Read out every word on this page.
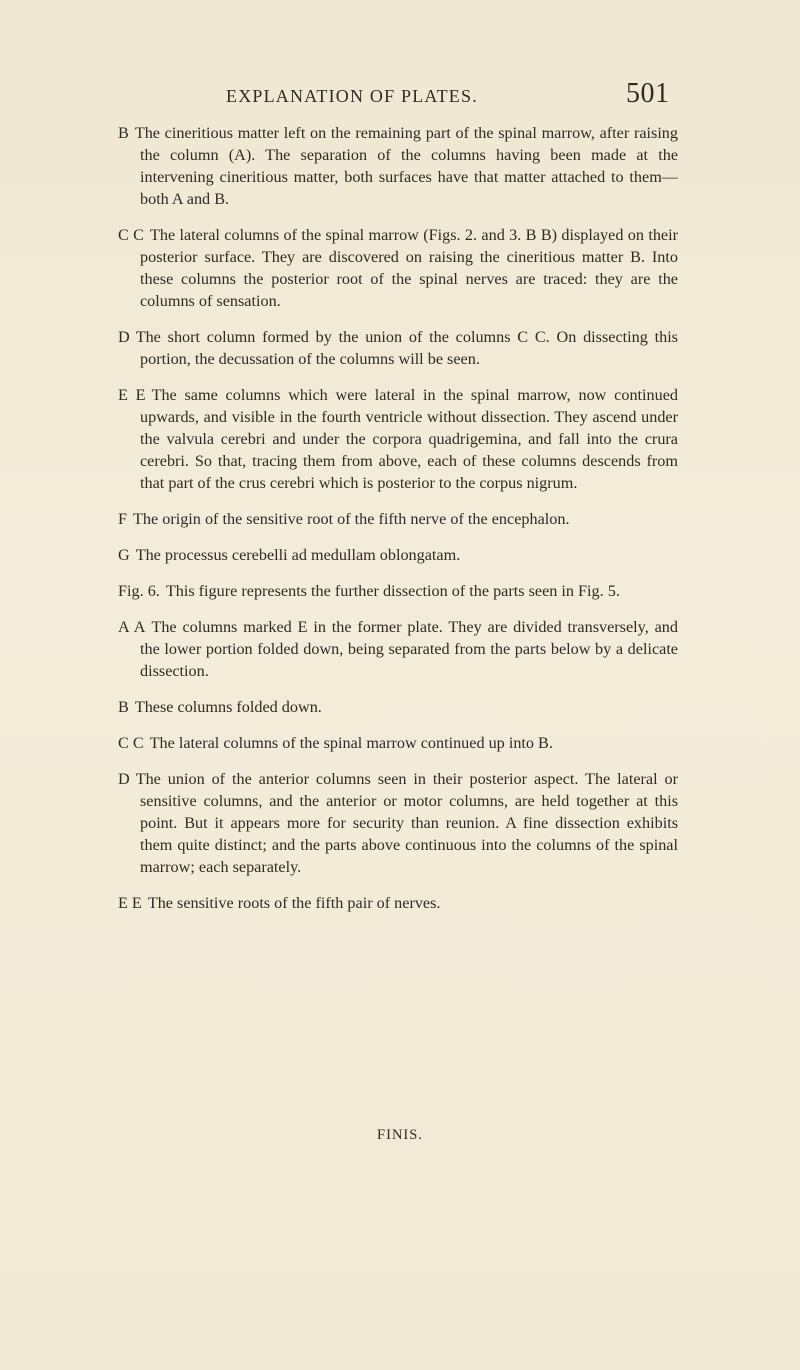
EXPLANATION OF PLATES.	501

B The cineritious matter left on the remaining part of the spinal marrow, after raising the column (A). The separation of the columns having been made at the intervening cineritious matter, both surfaces have that matter attached to them—both A and B.

C C The lateral columns of the spinal marrow (Figs. 2. and 3. B B) displayed on their posterior surface. They are discovered on raising the cineritious matter B. Into these columns the posterior root of the spinal nerves are traced: they are the columns of sensation.

D The short column formed by the union of the columns C C. On dissecting this portion, the decussation of the columns will be seen.

E E The same columns which were lateral in the spinal marrow, now continued upwards, and visible in the fourth ventricle without dissection. They ascend under the valvula cerebri and under the corpora quadrigemina, and fall into the crura cerebri. So that, tracing them from above, each of these columns descends from that part of the crus cerebri which is posterior to the corpus nigrum.

F The origin of the sensitive root of the fifth nerve of the encephalon.

G The processus cerebelli ad medullam oblongatam.

Fig. 6. This figure represents the further dissection of the parts seen in Fig. 5.

A A The columns marked E in the former plate. They are divided transversely, and the lower portion folded down, being separated from the parts below by a delicate dissection.

B These columns folded down.

C C The lateral columns of the spinal marrow continued up into B.

D The union of the anterior columns seen in their posterior aspect. The lateral or sensitive columns, and the anterior or motor columns, are held together at this point. But it appears more for security than reunion. A fine dissection exhibits them quite distinct; and the parts above continuous into the columns of the spinal marrow; each separately.

E E The sensitive roots of the fifth pair of nerves.

FINIS.
